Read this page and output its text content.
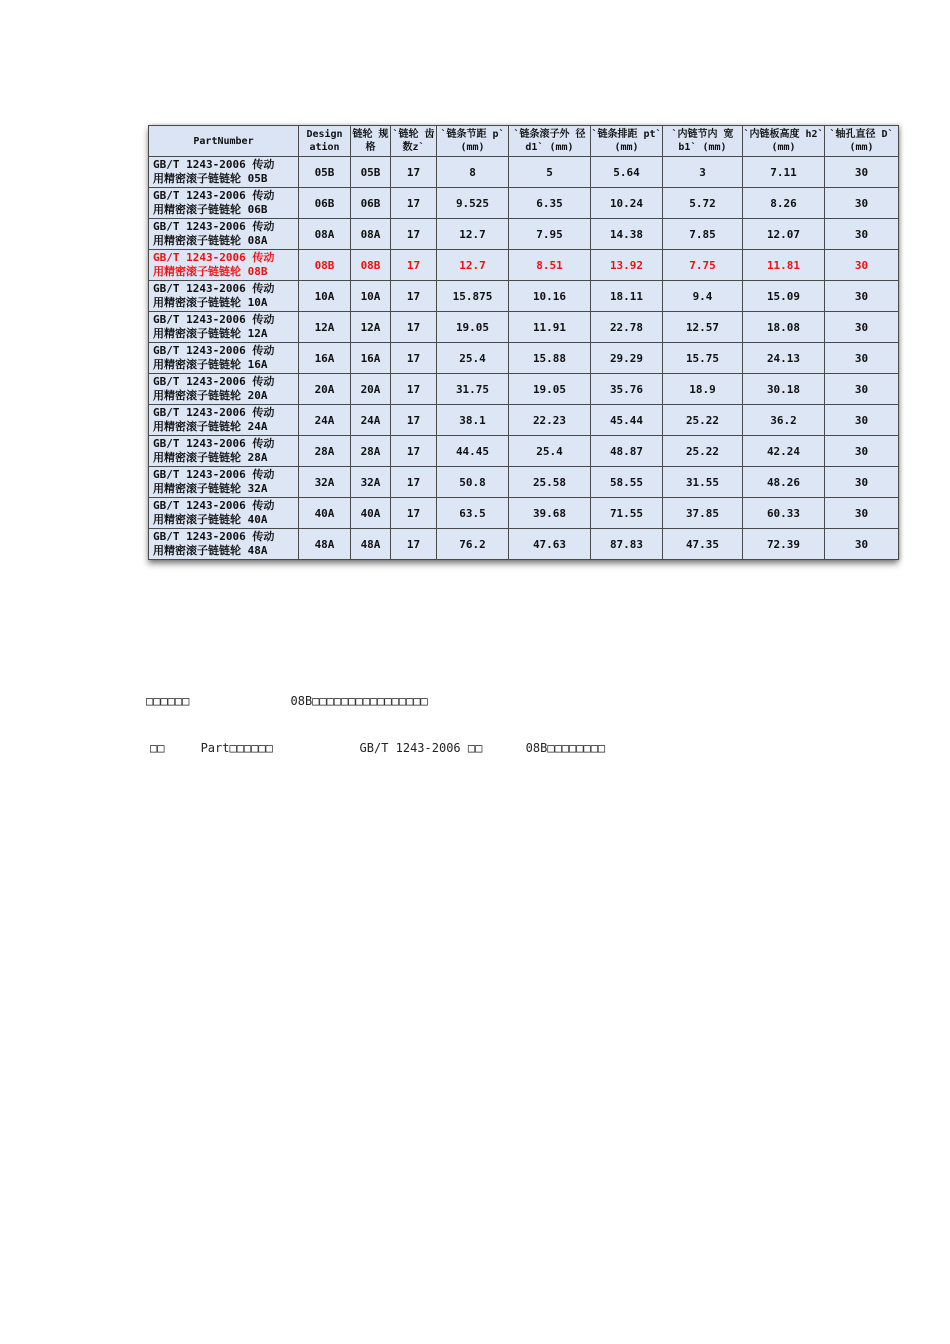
PartNumber	Design ation	链轮 规格	`链轮 齿数z`	`链条节距 p` (mm)	`链条滚子外 径d1` (mm)	`链条排距 pt` (mm)	`内链节内 宽b1` (mm)	`内链板高度 h2` (mm)	`轴孔直径 D` (mm)
GB/T 1243-2006 传动
用精密滚子链链轮 05B	05B	05B	17	8	5	5.64	3	7.11	30
GB/T 1243-2006 传动
用精密滚子链链轮 06B	06B	06B	17	9.525	6.35	10.24	5.72	8.26	30
GB/T 1243-2006 传动
用精密滚子链链轮 08A	08A	08A	17	12.7	7.95	14.38	7.85	12.07	30
GB/T 1243-2006 传动
用精密滚子链链轮 08B	08B	08B	17	12.7	8.51	13.92	7.75	11.81	30
GB/T 1243-2006 传动
用精密滚子链链轮 10A	10A	10A	17	15.875	10.16	18.11	9.4	15.09	30
GB/T 1243-2006 传动
用精密滚子链链轮 12A	12A	12A	17	19.05	11.91	22.78	12.57	18.08	30
GB/T 1243-2006 传动
用精密滚子链链轮 16A	16A	16A	17	25.4	15.88	29.29	15.75	24.13	30
GB/T 1243-2006 传动
用精密滚子链链轮 20A	20A	20A	17	31.75	19.05	35.76	18.9	30.18	30
GB/T 1243-2006 传动
用精密滚子链链轮 24A	24A	24A	17	38.1	22.23	45.44	25.22	36.2	30
GB/T 1243-2006 传动
用精密滚子链链轮 28A	28A	28A	17	44.45	25.4	48.87	25.22	42.24	30
GB/T 1243-2006 传动
用精密滚子链链轮 32A	32A	32A	17	50.8	25.58	58.55	31.55	48.26	30
GB/T 1243-2006 传动
用精密滚子链链轮 40A	40A	40A	17	63.5	39.68	71.55	37.85	60.33	30
GB/T 1243-2006 传动
用精密滚子链链轮 48A	48A	48A	17	76.2	47.63	87.83	47.35	72.39	30
□□□□□□              08B□□□□□□□□□□□□□□□□
□□     Part□□□□□□            GB/T 1243-2006 □□      08B□□□□□□□□
